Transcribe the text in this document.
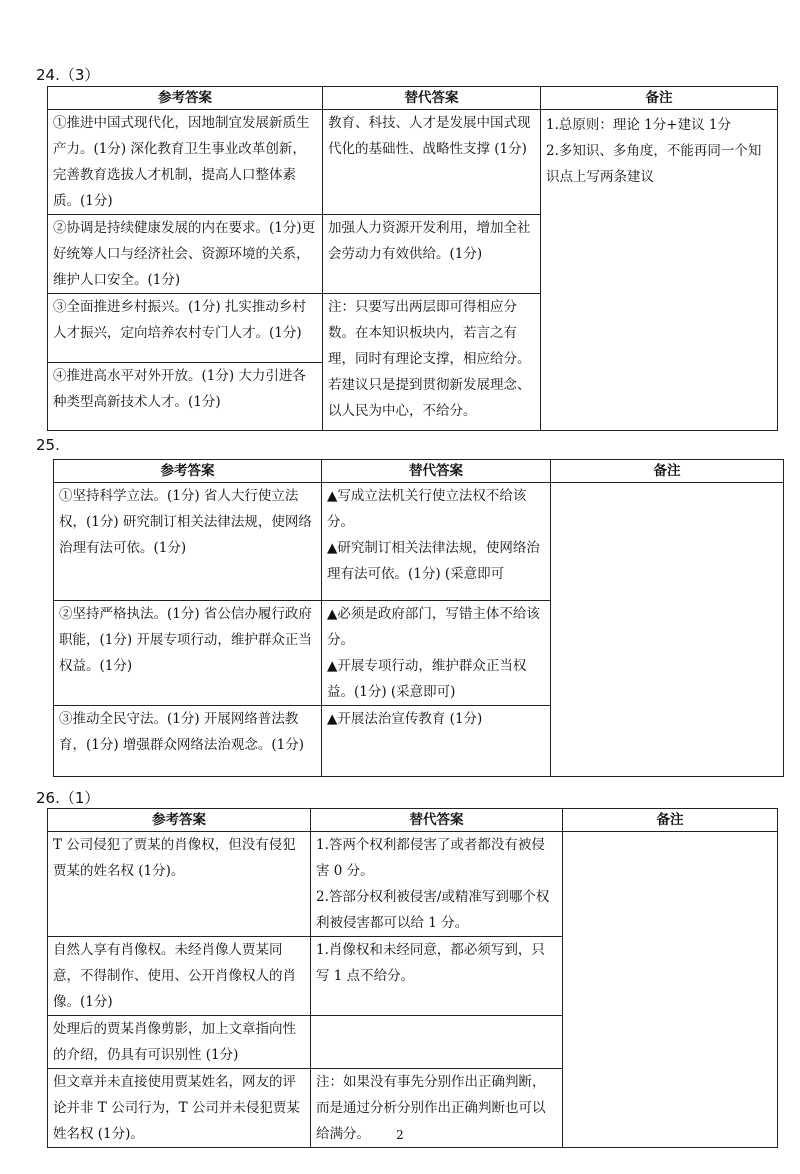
24.（3）
参考答案	替代答案	备注
①推进中国式现代化，因地制宜发展新质生产力。(1分) 深化教育卫生事业改革创新，完善教育选拔人才机制，提高人口整体素质。(1分)	教育、科技、人才是发展中国式现代化的基础性、战略性支撑 (1分)	1.总原则：理论 1分+建议 1分
2.多知识、多角度，不能再同一个知识点上写两条建议
②协调是持续健康发展的内在要求。(1分)更好统筹人口与经济社会、资源环境的关系，维护人口安全。(1分)	加强人力资源开发利用，增加全社会劳动力有效供给。(1分)	
③全面推进乡村振兴。(1分) 扎实推动乡村人才振兴，定向培养农村专门人才。(1分)	注：只要写出两层即可得相应分数。在本知识板块内，若言之有理，同时有理论支撑，相应给分。若建议只是提到贯彻新发展理念、以人民为中心，不给分。	
④推进高水平对外开放。(1分) 大力引进各种类型高新技术人才。(1分)		
25.
参考答案	替代答案	备注
①坚持科学立法。(1分) 省人大行使立法权，(1分) 研究制订相关法律法规，使网络治理有法可依。(1分)	▲写成立法机关行使立法权不给该分。
▲研究制订相关法律法规，使网络治理有法可依。(1分) (采意即可	
②坚持严格执法。(1分) 省公信办履行政府职能，(1分) 开展专项行动，维护群众正当权益。(1分)	▲必须是政府部门，写错主体不给该分。
▲开展专项行动，维护群众正当权益。(1分) (采意即可)	
③推动全民守法。(1分) 开展网络普法教育，(1分) 增强群众网络法治观念。(1分)	▲开展法治宣传教育 (1分)	
26.（1）
参考答案	替代答案	备注
T 公司侵犯了贾某的肖像权，但没有侵犯贾某的姓名权 (1分)。	1.答两个权利都侵害了或者都没有被侵害 0 分。
2.答部分权利被侵害/或精准写到哪个权利被侵害都可以给 1 分。	
自然人享有肖像权。未经肖像人贾某同意，不得制作、使用、公开肖像权人的肖像。(1分)	1.肖像权和未经同意，都必须写到，只写 1 点不给分。	
处理后的贾某肖像剪影，加上文章指向性的介绍，仍具有可识别性 (1分)		
但文章并未直接使用贾某姓名，网友的评论并非 T 公司行为，T 公司并未侵犯贾某姓名权 (1分)。	注：如果没有事先分别作出正确判断，而是通过分析分别作出正确判断也可以给满分。		2
